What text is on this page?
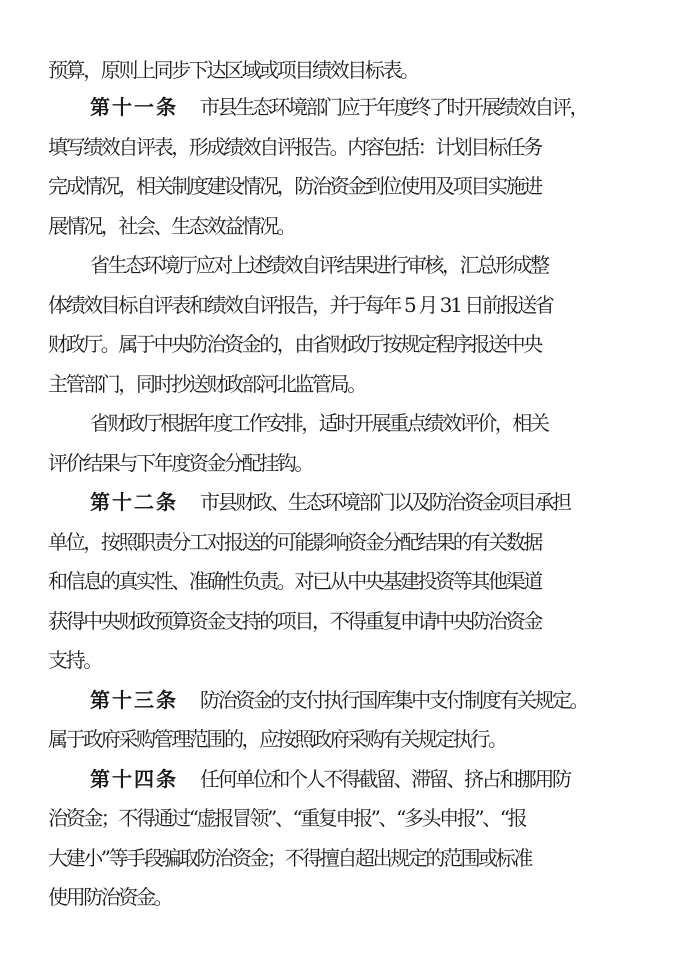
预算，原则上同步下达区域或项目绩效目标表。
第十一条 市县生态环境部门应于年度终了时开展绩效自评，
填写绩效自评表，形成绩效自评报告。内容包括：计划目标任务
完成情况，相关制度建设情况，防治资金到位使用及项目实施进
展情况，社会、生态效益情况。
省生态环境厅应对上述绩效自评结果进行审核，汇总形成整
体绩效目标自评表和绩效自评报告，并于每年 5 月 31 日前报送省
财政厅。属于中央防治资金的，由省财政厅按规定程序报送中央
主管部门，同时抄送财政部河北监管局。
省财政厅根据年度工作安排，适时开展重点绩效评价，相关
评价结果与下年度资金分配挂钩。
第十二条 市县财政、生态环境部门以及防治资金项目承担
单位，按照职责分工对报送的可能影响资金分配结果的有关数据
和信息的真实性、准确性负责。对已从中央基建投资等其他渠道
获得中央财政预算资金支持的项目，不得重复申请中央防治资金
支持。
第十三条 防治资金的支付执行国库集中支付制度有关规定。
属于政府采购管理范围的，应按照政府采购有关规定执行。
第十四条 任何单位和个人不得截留、滞留、挤占和挪用防
治资金；不得通过“虚报冒领”、“重复申报”、“多头申报”、“报
大建小”等手段骗取防治资金；不得擅自超出规定的范围或标准
使用防治资金。
